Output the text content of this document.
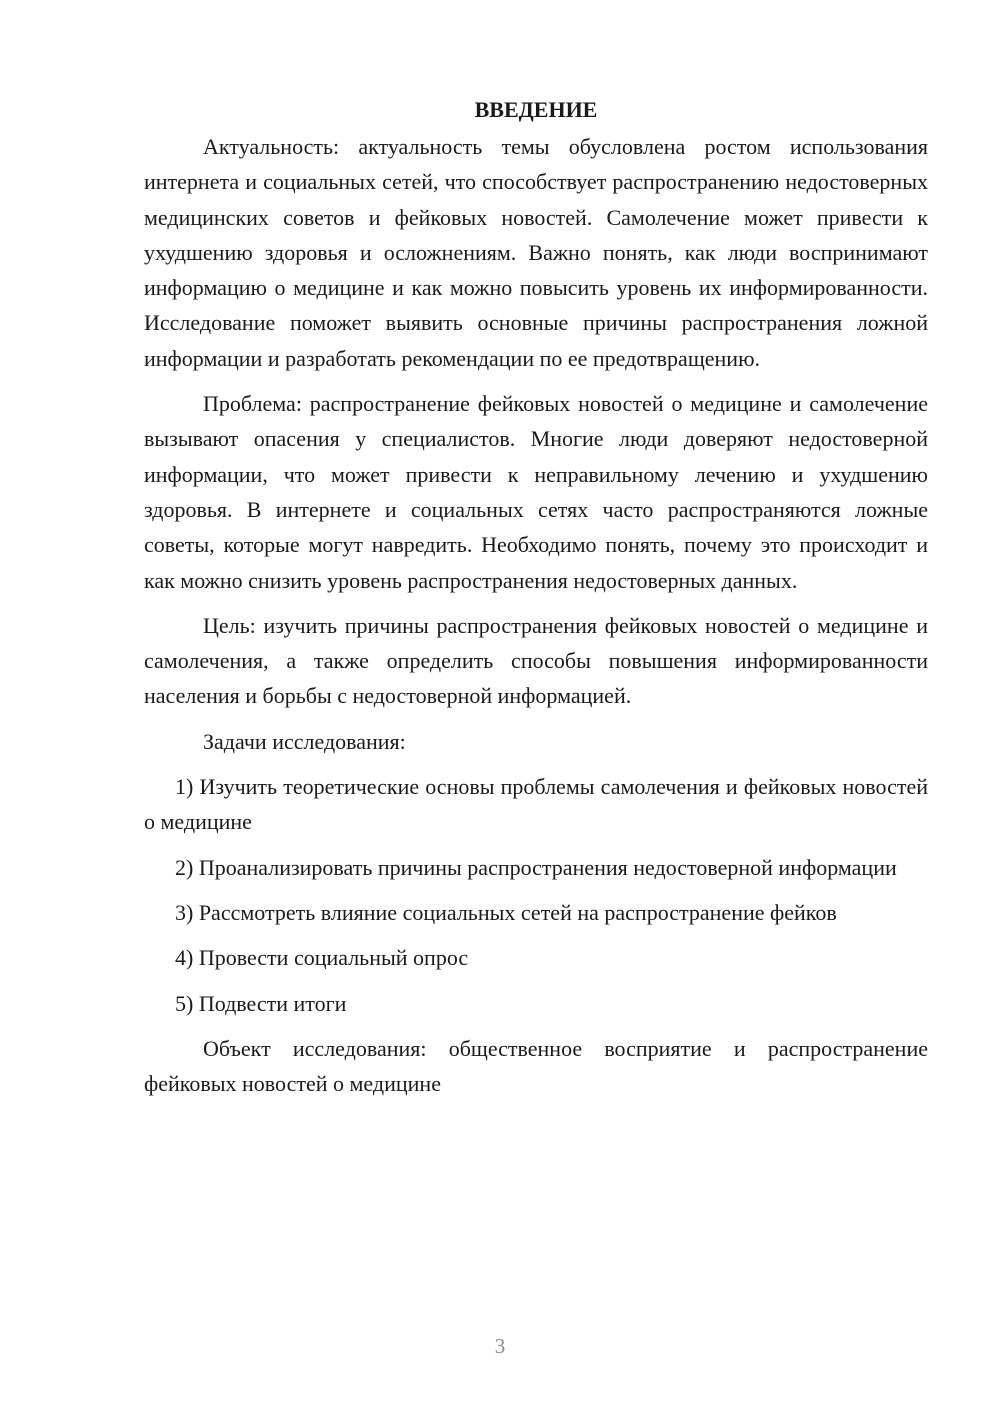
ВВЕДЕНИЕ

Актуальность: актуальность темы обусловлена ростом использования интернета и социальных сетей, что способствует распространению недостоверных медицинских советов и фейковых новостей. Самолечение может привести к ухудшению здоровья и осложнениям. Важно понять, как люди воспринимают информацию о медицине и как можно повысить уровень их информированности. Исследование поможет выявить основные причины распространения ложной информации и разработать рекомендации по ее предотвращению.

Проблема: распространение фейковых новостей о медицине и самолечение вызывают опасения у специалистов. Многие люди доверяют недостоверной информации, что может привести к неправильному лечению и ухудшению здоровья. В интернете и социальных сетях часто распространяются ложные советы, которые могут навредить. Необходимо понять, почему это происходит и как можно снизить уровень распространения недостоверных данных.

Цель: изучить причины распространения фейковых новостей о медицине и самолечения, а также определить способы повышения информированности населения и борьбы с недостоверной информацией.

Задачи исследования:

1) Изучить теоретические основы проблемы самолечения и фейковых новостей о медицине

2) Проанализировать причины распространения недостоверной информации

3) Рассмотреть влияние социальных сетей на распространение фейков

4) Провести социальный опрос

5) Подвести итоги

Объект исследования: общественное восприятие и распространение фейковых новостей о медицине

3
